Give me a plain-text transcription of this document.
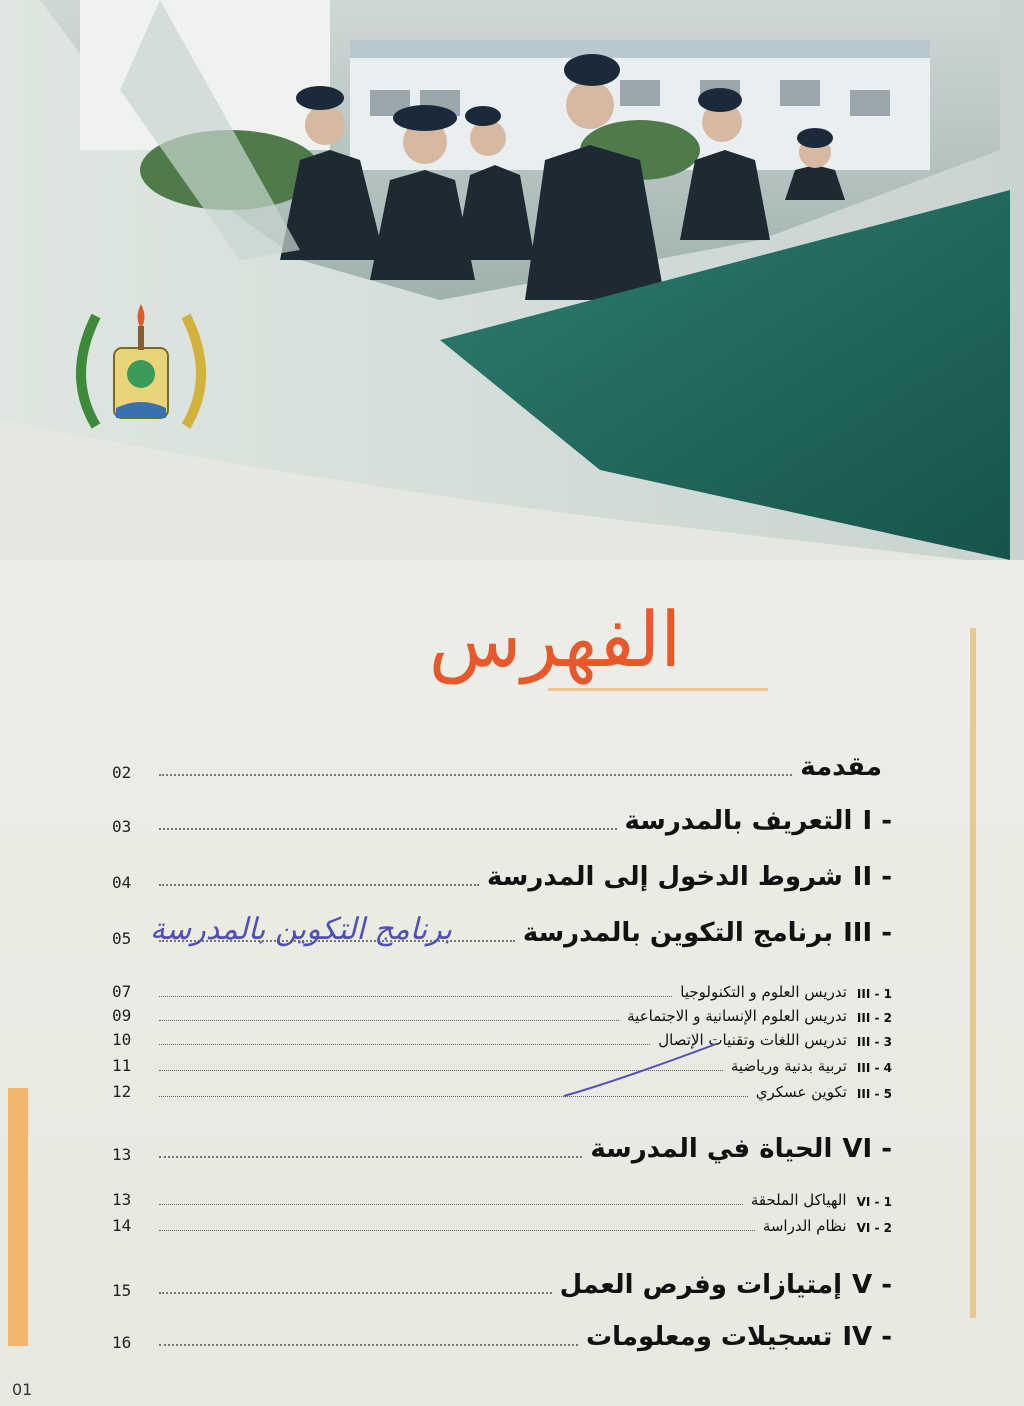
الفهرس
مقدمة
02
I -
التعريف بالمدرسة
03
II -
شروط الدخول إلى المدرسة
04
III -
برنامج التكوين بالمدرسة
05
III - 1
تدريس العلوم و التكنولوجيا
07
III - 2
تدريس العلوم الإنسانية و الاجتماعية
09
III - 3
تدريس اللغات وتقنيات الإتصال
10
III - 4
تربية بدنية ورياضية
11
III - 5
تكوين عسكري
12
VI -
الحياة في المدرسة
13
VI - 1
الهياكل الملحقة
13
VI - 2
نظام الدراسة
14
V -
إمتيازات وفرص العمل
15
IV -
تسجيلات ومعلومات
16
برنامج التكوين بالمدرسة
01
